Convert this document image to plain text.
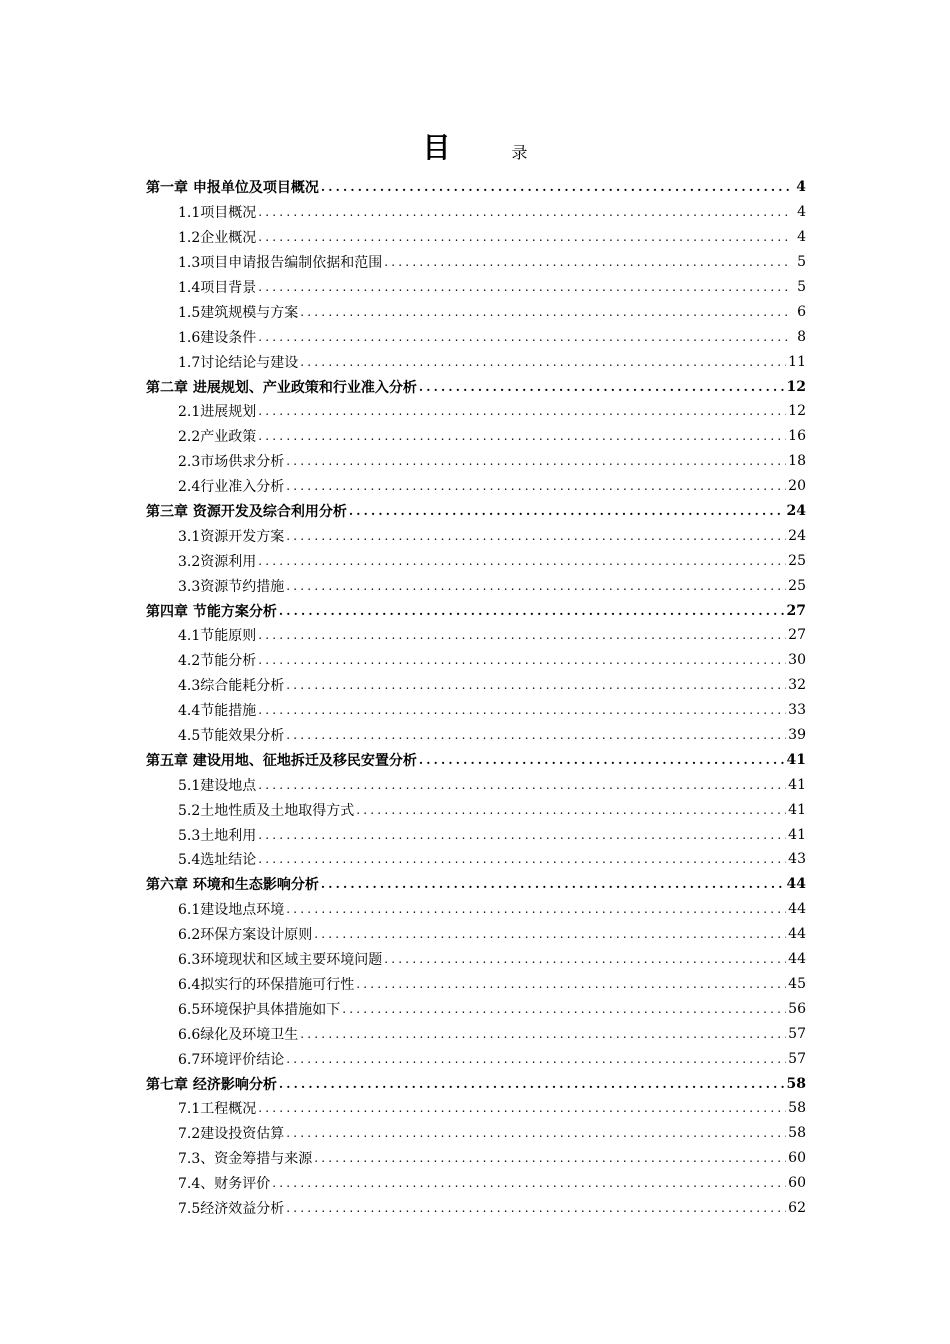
目	录
第一章 申报单位及项目概况 .....	4
1.1项目概况 .....	4
1.2企业概况 .....	4
1.3项目申请报告编制依据和范围 .....	5
1.4项目背景 .....	5
1.5建筑规模与方案 .....	6
1.6建设条件 .....	8
1.7讨论结论与建设 .....	11
第二章 进展规划、产业政策和行业准入分析 .....	12
2.1进展规划 .....	12
2.2产业政策 .....	16
2.3市场供求分析 .....	18
2.4行业准入分析 .....	20
第三章 资源开发及综合利用分析 .....	24
3.1资源开发方案 .....	24
3.2资源利用 .....	25
3.3资源节约措施 .....	25
第四章 节能方案分析 .....	27
4.1节能原则 .....	27
4.2节能分析 .....	30
4.3综合能耗分析 .....	32
4.4节能措施 .....	33
4.5节能效果分析 .....	39
第五章 建设用地、征地拆迁及移民安置分析 .....	41
5.1建设地点 .....	41
5.2土地性质及土地取得方式 .....	41
5.3土地利用 .....	41
5.4选址结论 .....	43
第六章 环境和生态影响分析 .....	44
6.1建设地点环境 .....	44
6.2环保方案设计原则 .....	44
6.3环境现状和区域主要环境问题 .....	44
6.4拟实行的环保措施可行性 .....	45
6.5环境保护具体措施如下 .....	56
6.6绿化及环境卫生 .....	57
6.7环境评价结论 .....	57
第七章 经济影响分析 .....	58
7.1工程概况 .....	58
7.2建设投资估算 .....	58
7.3、资金筹措与来源 .....	60
7.4、财务评价 .....	60
7.5经济效益分析 .....	62
